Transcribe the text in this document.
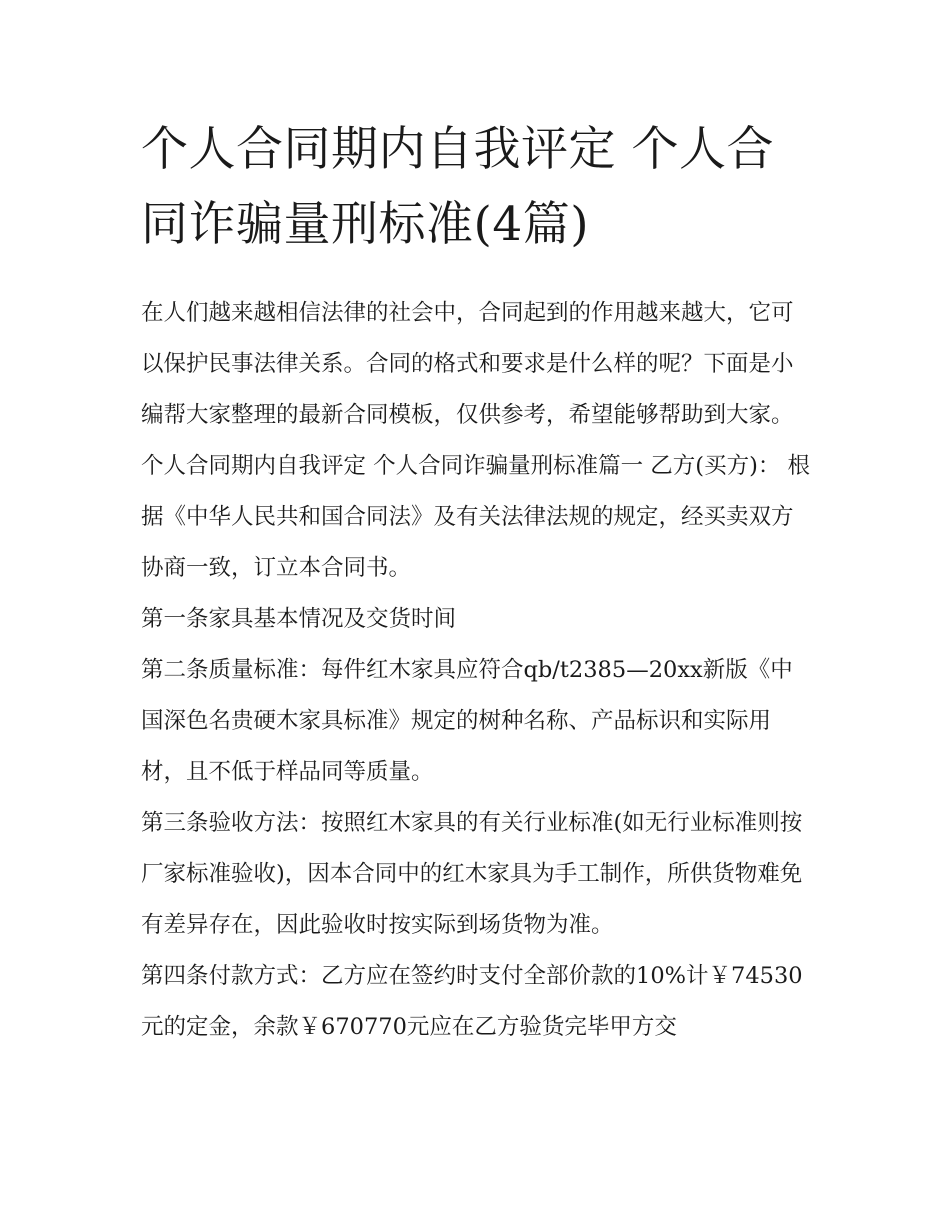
个人合同期内自我评定 个人合同诈骗量刑标准(4篇)

在人们越来越相信法律的社会中，合同起到的作用越来越大，它可以保护民事法律关系。合同的格式和要求是什么样的呢？下面是小编帮大家整理的最新合同模板，仅供参考，希望能够帮助到大家。

个人合同期内自我评定 个人合同诈骗量刑标准篇一 乙方(买方)： 根据《中华人民共和国合同法》及有关法律法规的规定，经买卖双方协商一致，订立本合同书。

第一条家具基本情况及交货时间

第二条质量标准：每件红木家具应符合qb/t2385—20xx新版《中国深色名贵硬木家具标准》规定的树种名称、产品标识和实际用材，且不低于样品同等质量。

第三条验收方法：按照红木家具的有关行业标准(如无行业标准则按厂家标准验收)，因本合同中的红木家具为手工制作，所供货物难免有差异存在，因此验收时按实际到场货物为准。

第四条付款方式：乙方应在签约时支付全部价款的10%计￥74530元的定金，余款￥670770元应在乙方验货完毕甲方交
